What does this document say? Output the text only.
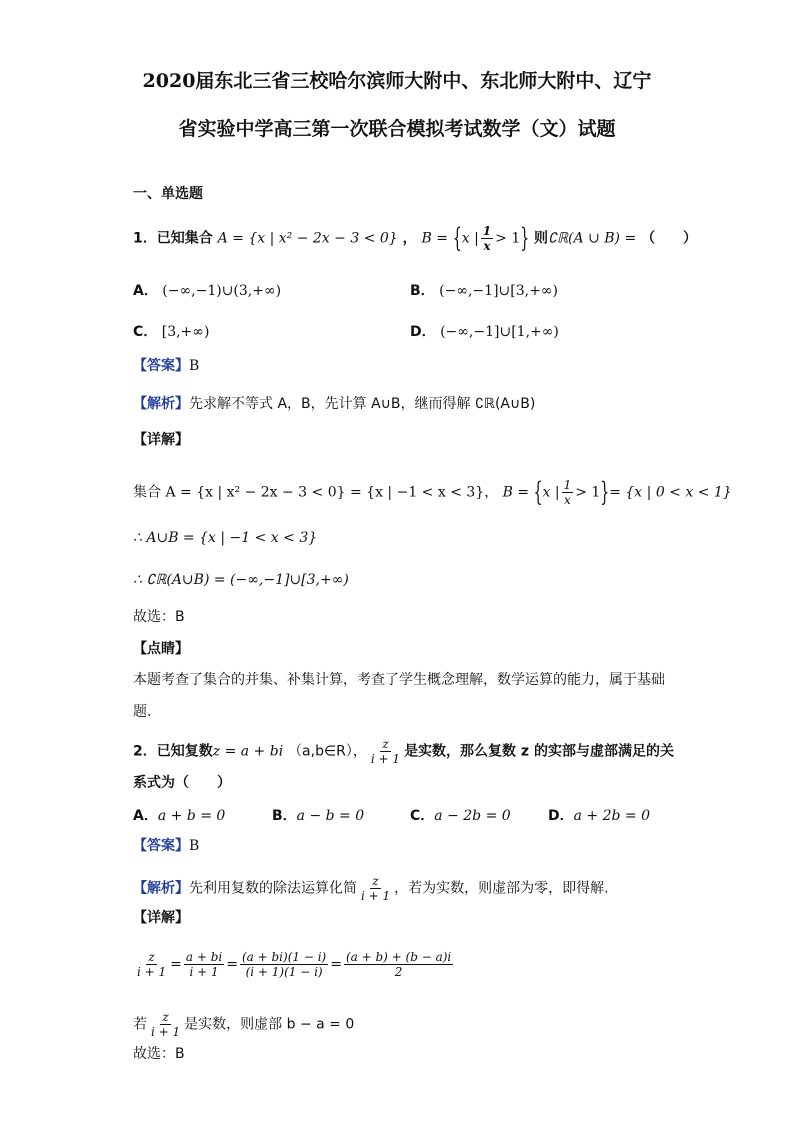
2020届东北三省三校哈尔滨师大附中、东北师大附中、辽宁
省实验中学高三第一次联合模拟考试数学（文）试题
一、单选题
1．已知集合 A = {x | x² − 2x − 3 < 0} ， B = {x | $\frac{1}{x} > 1$} 则∁ℝ(A ∪ B) = （　　）
A． (−∞,−1)∪(3,+∞)	B． (−∞,−1]∪[3,+∞)
C． [3,+∞)	D． (−∞,−1]∪[1,+∞)
【答案】B
【解析】先求解不等式 A，B，先计算 A∪B，继而得解 ∁ℝ(A∪B)
【详解】
集合 A = {x | x² − 2x − 3 < 0} = {x | −1 < x < 3}， B = {x | $\frac{1}{x} > 1\}= \{x$ | 0 < x < 1}
∴ A∪B = {x | −1 < x < 3}
∴ ∁ℝ(A∪B) = (−∞,−1]∪[3,+∞)
故选：B
【点睛】
本题考查了集合的并集、补集计算，考查了学生概念理解，数学运算的能力，属于基础
题.
2．已知复数z = a + bi （a,b∈R）， $\frac{z}{i + 1}$ 是实数，那么复数 z 的实部与虚部满足的关
系式为（　　）
A．a + b = 0	B．a − b = 0	C．a − 2b = 0	D．a + 2b = 0
【答案】B
【解析】先利用复数的除法运算化简 $\frac{z}{i + 1}$ ，若为实数，则虚部为零，即得解.
【详解】
$\frac{z}{i + 1} = \frac{a + bi}{i + 1} = \frac{(a + bi)(1 - i)}{(i + 1)(1 - i)} = \frac{(a + b) + (b - a)i}{2}$
若 $\frac{z}{i + 1}$ 是实数，则虚部 b − a = 0
故选：B
